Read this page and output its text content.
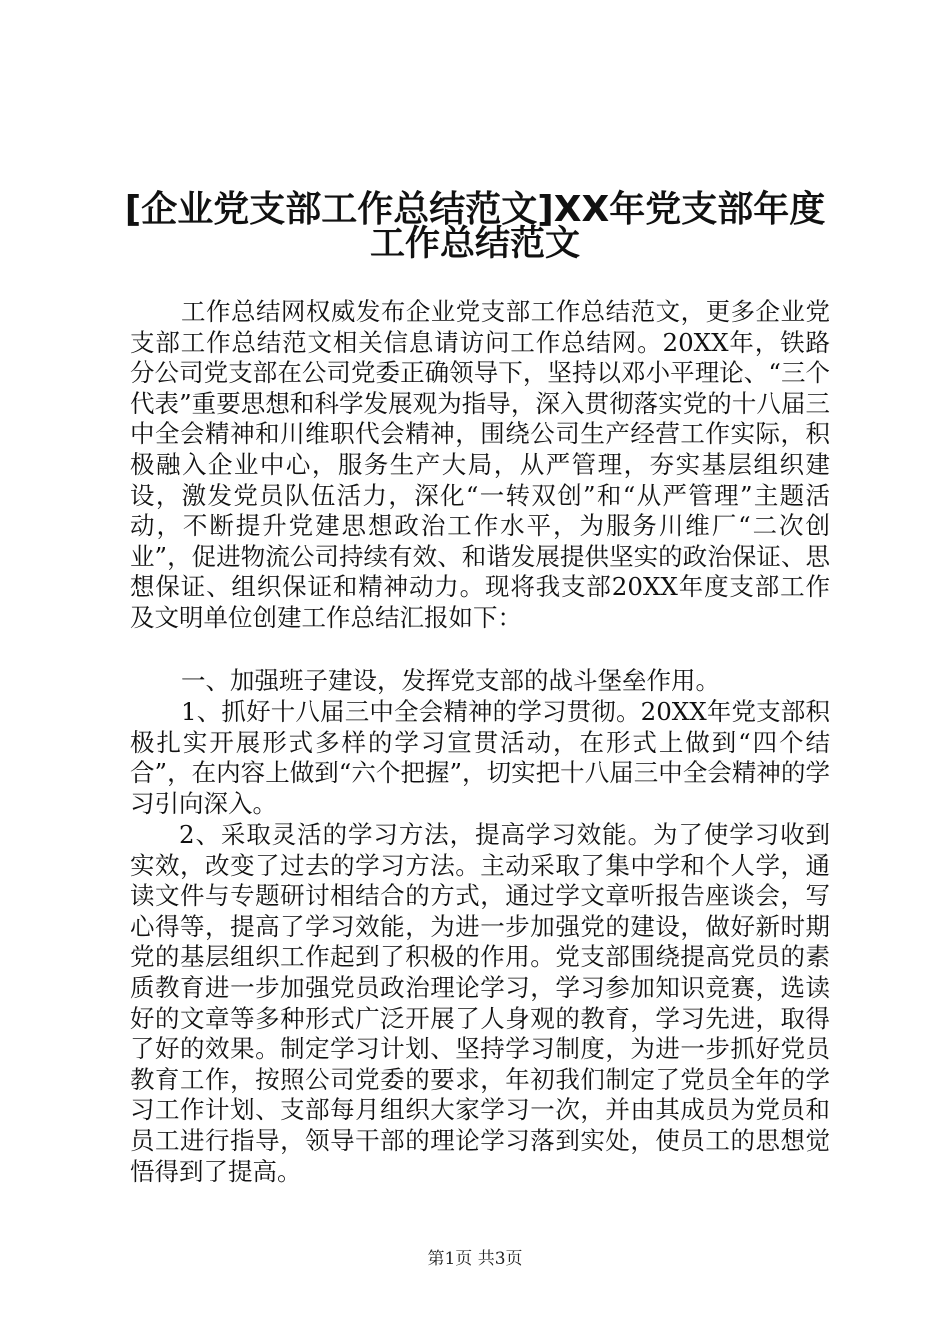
[企业党支部工作总结范文]XX年党支部年度
工作总结范文

工作总结网权威发布企业党支部工作总结范文，更多企业党支部工作总结范文相关信息请访问工作总结网。20XX年，铁路分公司党支部在公司党委正确领导下，坚持以邓小平理论、“三个代表”重要思想和科学发展观为指导，深入贯彻落实党的十八届三中全会精神和川维职代会精神，围绕公司生产经营工作实际，积极融入企业中心，服务生产大局，从严管理，夯实基层组织建设，激发党员队伍活力，深化“一转双创”和“从严管理”主题活动，不断提升党建思想政治工作水平，为服务川维厂“二次创业”，促进物流公司持续有效、和谐发展提供坚实的政治保证、思想保证、组织保证和精神动力。现将我支部20XX年度支部工作及文明单位创建工作总结汇报如下：

一、加强班子建设，发挥党支部的战斗堡垒作用。

1、抓好十八届三中全会精神的学习贯彻。20XX年党支部积极扎实开展形式多样的学习宣贯活动，在形式上做到“四个结合”，在内容上做到“六个把握”，切实把十八届三中全会精神的学习引向深入。

2、采取灵活的学习方法，提高学习效能。为了使学习收到实效，改变了过去的学习方法。主动采取了集中学和个人学，通读文件与专题研讨相结合的方式，通过学文章听报告座谈会，写心得等，提高了学习效能，为进一步加强党的建设，做好新时期党的基层组织工作起到了积极的作用。党支部围绕提高党员的素质教育进一步加强党员政治理论学习，学习参加知识竞赛，选读好的文章等多种形式广泛开展了人身观的教育，学习先进，取得了好的效果。制定学习计划、坚持学习制度，为进一步抓好党员教育工作，按照公司党委的要求，年初我们制定了党员全年的学习工作计划、支部每月组织大家学习一次，并由其成员为党员和员工进行指导，领导干部的理论学习落到实处，使员工的思想觉悟得到了提高。

第1页 共3页
